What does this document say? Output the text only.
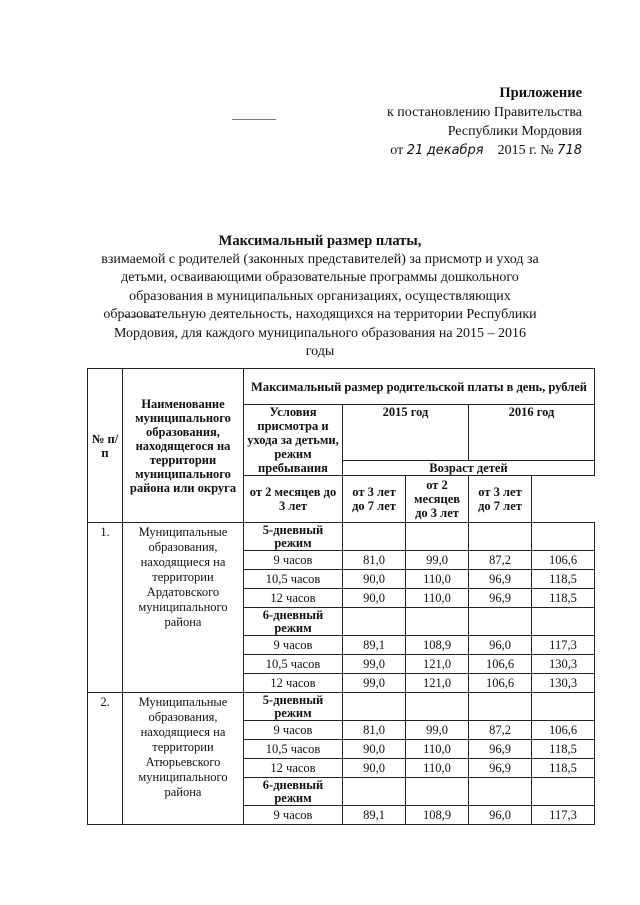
Приложение
к постановлению Правительства
Республики Мордовия
от 21 декабря 2015 г. № 718
Максимальный размер платы,
взимаемой с родителей (законных представителей) за присмотр и уход за детьми, осваивающими образовательные программы дошкольного образования в муниципальных организациях, осуществляющих образовательную деятельность, находящихся на территории Республики Мордовия, для каждого муниципального образования на 2015 – 2016 годы
№ п/п	Наименование муниципального образования, находящегося на территории муниципального района или округа	Максимальный размер родительской платы в день, рублей				
		Условия присмотра и ухода за детьми, режим пребывания	2015 год		2016 год	
			Возраст детей			
		от 2 месяцев до 3 лет	от 3 лет до 7 лет	от 2 месяцев до 3 лет	от 3 лет до 7 лет	
1.	Муниципальные образования, находящиеся на территории Ардатовского муниципального района	5-дневный режим				
		9 часов	81,0	99,0	87,2	106,6
		10,5 часов	90,0	110,0	96,9	118,5
		12 часов	90,0	110,0	96,9	118,5
		6-дневный режим				
		9 часов	89,1	108,9	96,0	117,3
		10,5 часов	99,0	121,0	106,6	130,3
		12 часов	99,0	121,0	106,6	130,3
2.	Муниципальные образования, находящиеся на территории Атюрьевского муниципального района	5-дневный режим				
		9 часов	81,0	99,0	87,2	106,6
		10,5 часов	90,0	110,0	96,9	118,5
		12 часов	90,0	110,0	96,9	118,5
		6-дневный режим				
		9 часов	89,1	108,9	96,0	117,3
